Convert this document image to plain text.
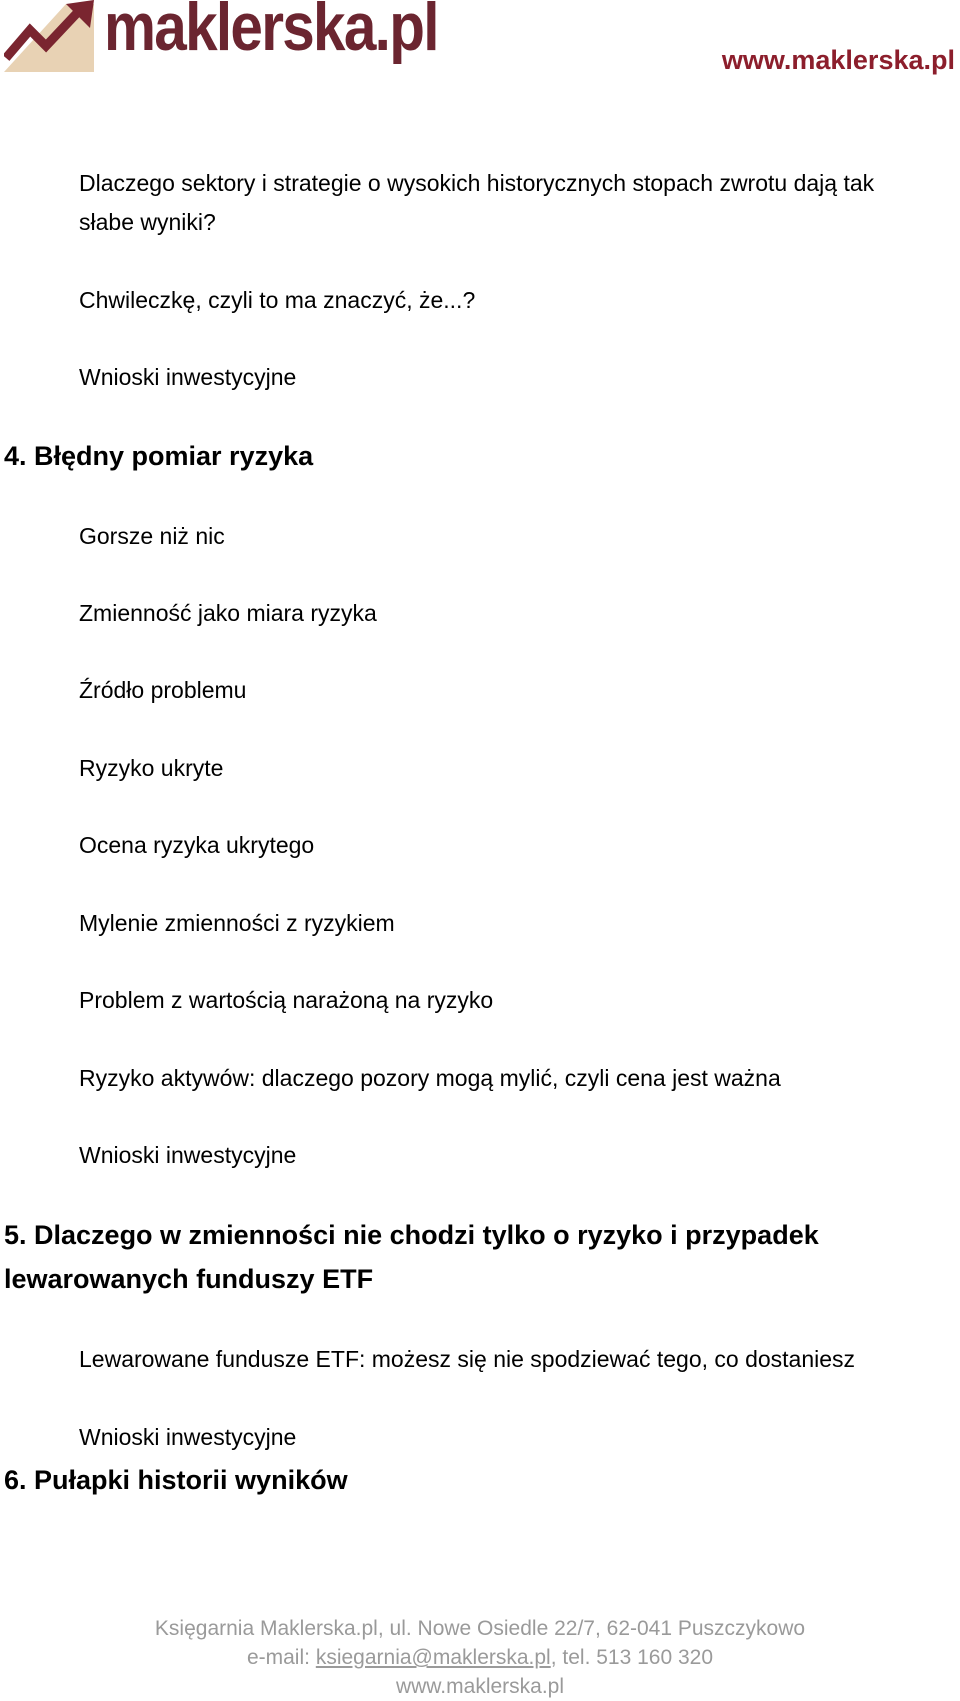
maklerska.pl	www.maklerska.pl
Dlaczego sektory i strategie o wysokich historycznych stopach zwrotu dają tak
słabe wyniki?
Chwileczkę, czyli to ma znaczyć, że...?
Wnioski inwestycyjne
4. Błędny pomiar ryzyka
Gorsze niż nic
Zmienność jako miara ryzyka
Źródło problemu
Ryzyko ukryte
Ocena ryzyka ukrytego
Mylenie zmienności z ryzykiem
Problem z wartością narażoną na ryzyko
Ryzyko aktywów: dlaczego pozory mogą mylić, czyli cena jest ważna
Wnioski inwestycyjne
5. Dlaczego w zmienności nie chodzi tylko o ryzyko i przypadek
lewarowanych funduszy ETF
Lewarowane fundusze ETF: możesz się nie spodziewać tego, co dostaniesz
Wnioski inwestycyjne
6. Pułapki historii wyników
Księgarnia Maklerska.pl, ul. Nowe Osiedle 22/7, 62-041 Puszczykowo
e-mail: ksiegarnia@maklerska.pl, tel. 513 160 320
www.maklerska.pl
